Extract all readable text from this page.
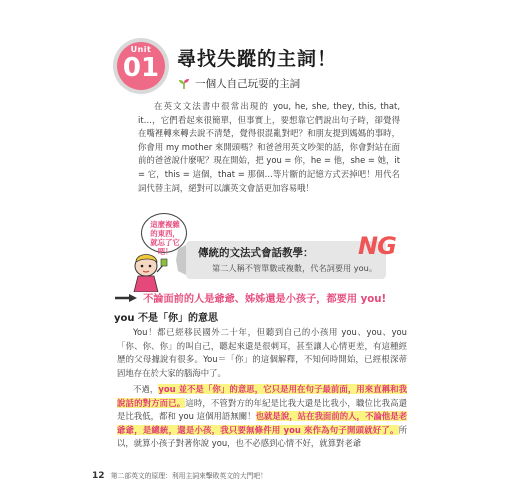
Unit
01 尋找失蹤的主詞！
一個人自己玩耍的主詞

在英文文法書中很常出現的 you, he, she, they, this, that, it…，它們看起來很簡單，但事實上，要想靠它們說出句子時，卻覺得在嘴裡轉來轉去說不清楚，覺得很混亂對吧？和朋友提到媽媽的事時，你會用 my mother 來開頭嗎？和爸爸用英文吵架的話，你會對站在面前的爸爸說什麼呢？現在開始，把 you = 你，he = 他，she = 她，it = 它，this = 這個，that = 那個…等片斷的記憶方式丟掉吧！用代名詞代替主詞，絕對可以讓英文會話更加容易哦！

這麼複雜的東西，就忘了它吧！	傳統的文法式會話教學：
第二人稱不管單數或複數，代名詞要用 you。
NG
不論面前的人是爺爺、姊姊還是小孩子，都要用 you!
you 不是「你」的意思

You！都已經移民國外二十年，但聽到自己的小孩用 you、you、you「你、你、你」的叫自己，聽起來還是很刺耳，甚至讓人心情更差，有這種經歷的父母據說有很多。You＝「你」的這個解釋，不知何時開始，已經根深蒂固地存在於大家的腦海中了。

不過，you 並不是「你」的意思，它只是用在句子最前面，用來直稱和我說話的對方而已。這時，不管對方的年紀是比我大還是比我小，職位比我高還是比我低，都和 you 這個用語無關！也就是說，站在我面前的人，不論他是老爺爺，是總統，還是小孩，我只要無條件用 you 來作為句子開頭就好了。所以，就算小孩子對著你說 you，也不必感到心情不好，就算對老爺

12 第二部英文的原理：利用主詞來擊敗英文的大門吧！
